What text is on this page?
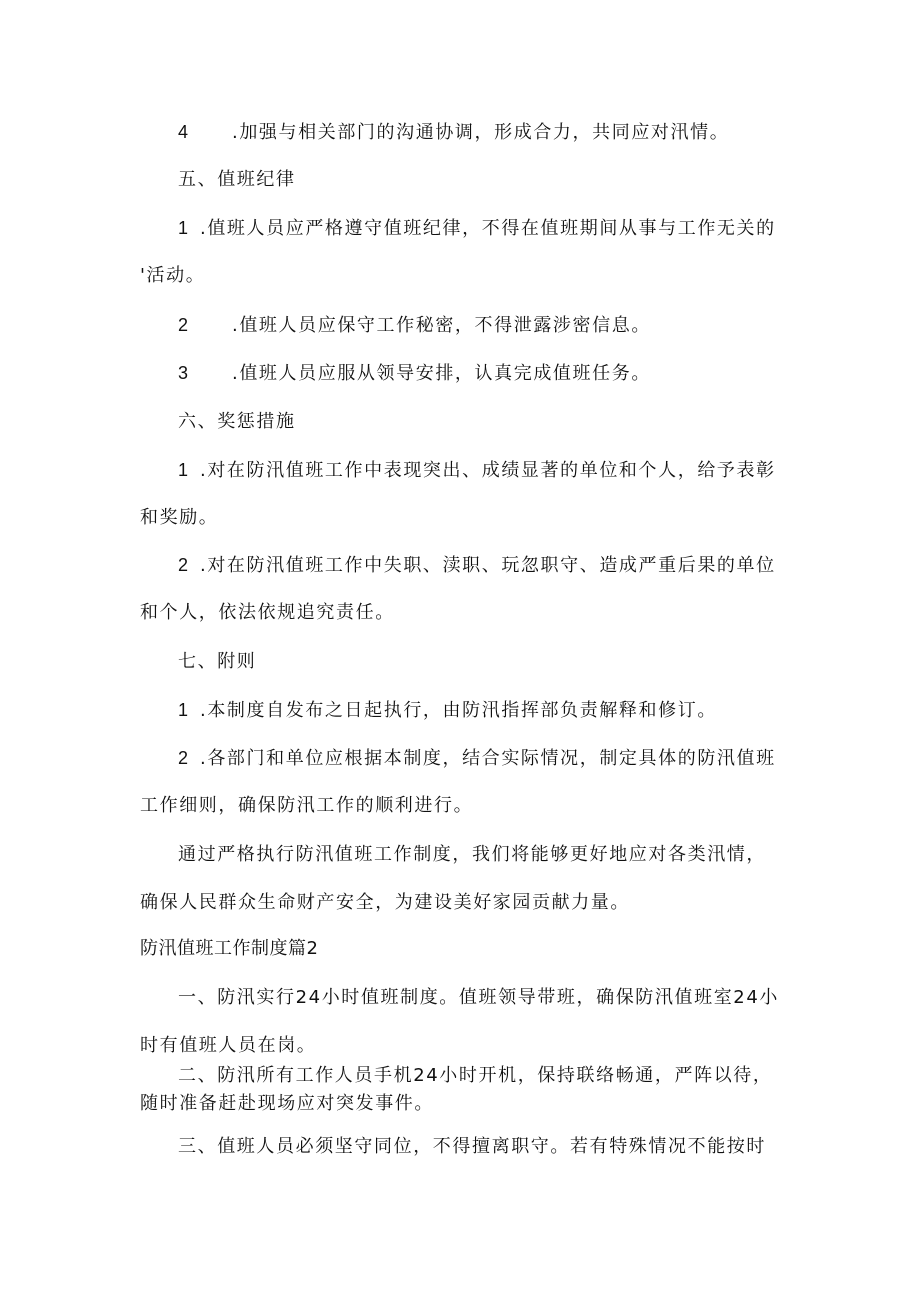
4 .加强与相关部门的沟通协调，形成合力，共同应对汛情。
五、值班纪律
1 .值班人员应严格遵守值班纪律，不得在值班期间从事与工作无关的
'活动。
2 .值班人员应保守工作秘密，不得泄露涉密信息。
3 .值班人员应服从领导安排，认真完成值班任务。
六、奖惩措施
1 .对在防汛值班工作中表现突出、成绩显著的单位和个人，给予表彰
和奖励。
2 .对在防汛值班工作中失职、渎职、玩忽职守、造成严重后果的单位
和个人，依法依规追究责任。
七、附则
1 .本制度自发布之日起执行，由防汛指挥部负责解释和修订。
2 .各部门和单位应根据本制度，结合实际情况，制定具体的防汛值班
工作细则，确保防汛工作的顺利进行。
通过严格执行防汛值班工作制度，我们将能够更好地应对各类汛情，
确保人民群众生命财产安全，为建设美好家园贡献力量。
防汛值班工作制度篇2
一、防汛实行24小时值班制度。值班领导带班，确保防汛值班室24小
时有值班人员在岗。
二、防汛所有工作人员手机24小时开机，保持联络畅通，严阵以待，
随时准备赶赴现场应对突发事件。
三、值班人员必须坚守同位，不得擅离职守。若有特殊情况不能按时
